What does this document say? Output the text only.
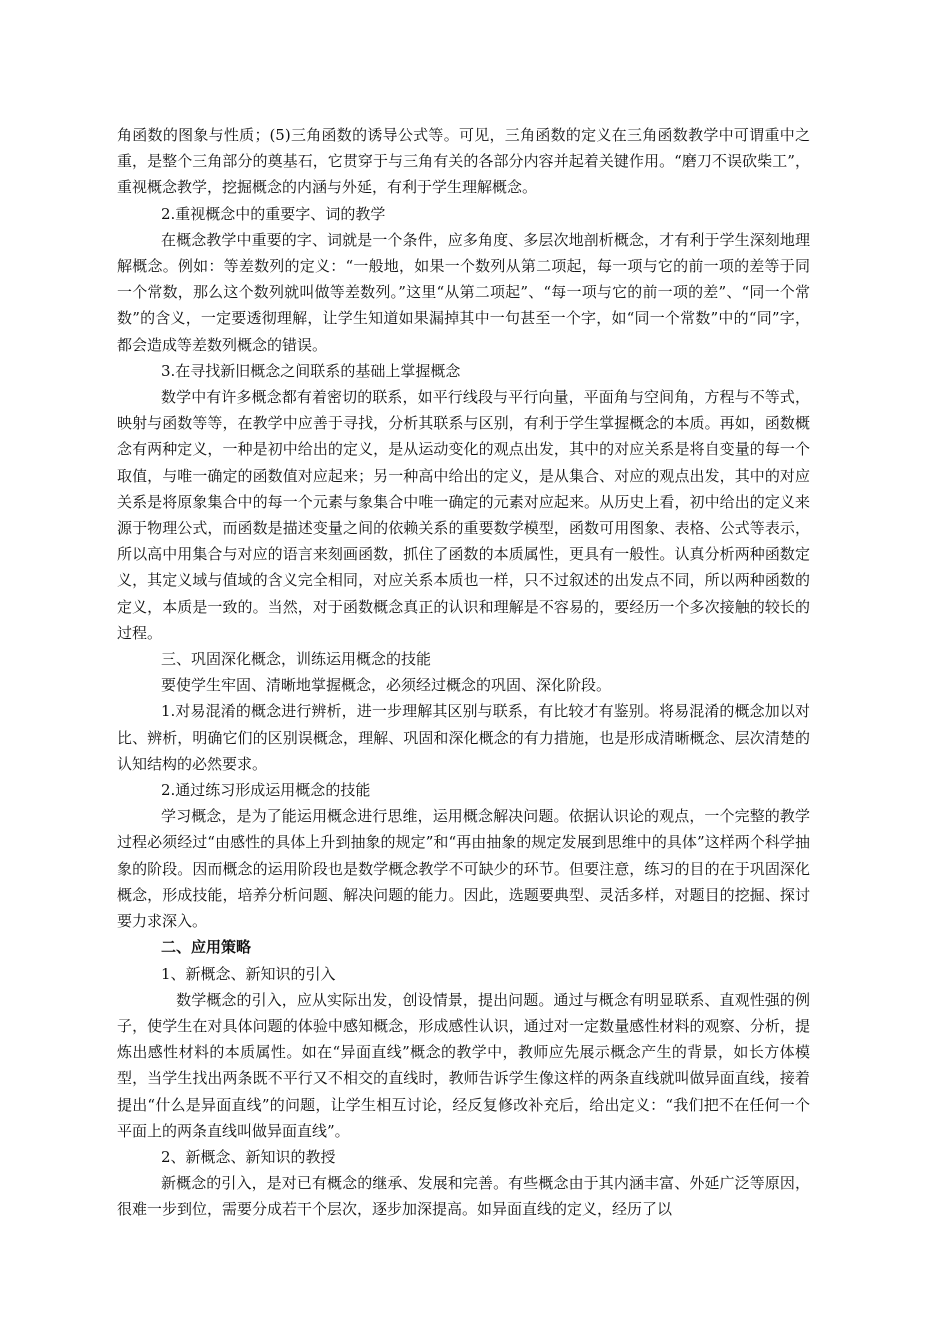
角函数的图象与性质；(5)三角函数的诱导公式等。可见，三角函数的定义在三角函数教学中可谓重中之重，是整个三角部分的奠基石，它贯穿于与三角有关的各部分内容并起着关键作用。“磨刀不误砍柴工”，重视概念教学，挖掘概念的内涵与外延，有利于学生理解概念。

2.重视概念中的重要字、词的教学

在概念教学中重要的字、词就是一个条件，应多角度、多层次地剖析概念，才有利于学生深刻地理解概念。例如：等差数列的定义：“一般地，如果一个数列从第二项起，每一项与它的前一项的差等于同一个常数，那么这个数列就叫做等差数列。”这里“从第二项起”、“每一项与它的前一项的差”、“同一个常数”的含义，一定要透彻理解，让学生知道如果漏掉其中一句甚至一个字，如“同一个常数”中的“同”字，都会造成等差数列概念的错误。

3.在寻找新旧概念之间联系的基础上掌握概念

数学中有许多概念都有着密切的联系，如平行线段与平行向量，平面角与空间角，方程与不等式，映射与函数等等，在教学中应善于寻找，分析其联系与区别，有利于学生掌握概念的本质。再如，函数概念有两种定义，一种是初中给出的定义，是从运动变化的观点出发，其中的对应关系是将自变量的每一个取值，与唯一确定的函数值对应起来；另一种高中给出的定义，是从集合、对应的观点出发，其中的对应关系是将原象集合中的每一个元素与象集合中唯一确定的元素对应起来。从历史上看，初中给出的定义来源于物理公式，而函数是描述变量之间的依赖关系的重要数学模型，函数可用图象、表格、公式等表示，所以高中用集合与对应的语言来刻画函数，抓住了函数的本质属性，更具有一般性。认真分析两种函数定义，其定义域与值域的含义完全相同，对应关系本质也一样，只不过叙述的出发点不同，所以两种函数的定义，本质是一致的。当然，对于函数概念真正的认识和理解是不容易的，要经历一个多次接触的较长的过程。

三、巩固深化概念，训练运用概念的技能

要使学生牢固、清晰地掌握概念，必须经过概念的巩固、深化阶段。

1.对易混淆的概念进行辨析，进一步理解其区别与联系，有比较才有鉴别。将易混淆的概念加以对比、辨析，明确它们的区别误概念，理解、巩固和深化概念的有力措施，也是形成清晰概念、层次清楚的认知结构的必然要求。

2.通过练习形成运用概念的技能

学习概念，是为了能运用概念进行思维，运用概念解决问题。依据认识论的观点，一个完整的教学过程必须经过“由感性的具体上升到抽象的规定”和“再由抽象的规定发展到思维中的具体”这样两个科学抽象的阶段。因而概念的运用阶段也是数学概念教学不可缺少的环节。但要注意，练习的目的在于巩固深化概念，形成技能，培养分析问题、解决问题的能力。因此，选题要典型、灵活多样，对题目的挖掘、探讨要力求深入。

二、应用策略

1、新概念、新知识的引入

　数学概念的引入，应从实际出发，创设情景，提出问题。通过与概念有明显联系、直观性强的例子，使学生在对具体问题的体验中感知概念，形成感性认识，通过对一定数量感性材料的观察、分析，提炼出感性材料的本质属性。如在“异面直线”概念的教学中，教师应先展示概念产生的背景，如长方体模型，当学生找出两条既不平行又不相交的直线时，教师告诉学生像这样的两条直线就叫做异面直线，接着提出“什么是异面直线”的问题，让学生相互讨论，经反复修改补充后，给出定义：“我们把不在任何一个平面上的两条直线叫做异面直线”。

2、新概念、新知识的教授

新概念的引入，是对已有概念的继承、发展和完善。有些概念由于其内涵丰富、外延广泛等原因，很难一步到位，需要分成若干个层次，逐步加深提高。如异面直线的定义，经历了以
